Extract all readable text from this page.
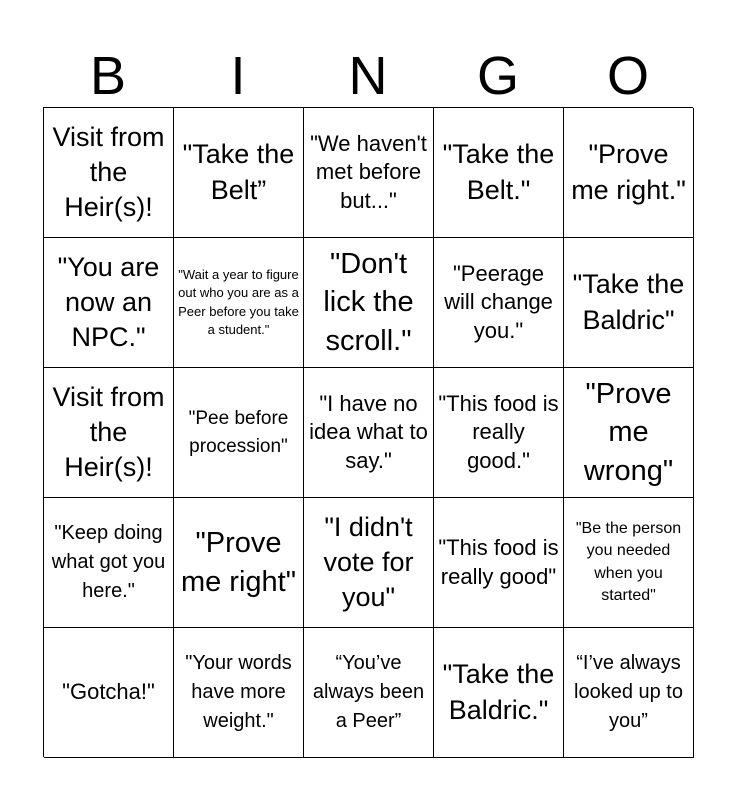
B	I	N	G	O
Visit from the Heir(s)!
"Take the Belt”
"We haven't met before but..."
"Take the Belt."
"Prove me right."
"You are now an NPC."
"Wait a year to figure out who you are as a Peer before you take a student."
"Don't lick the scroll."
"Peerage will change you."
"Take the Baldric"
Visit from the Heir(s)!
"Pee before procession"
"I have no idea what to say."
"This food is really good."
"Prove me wrong"
"Keep doing what got you here."
"Prove me right"
"I didn't vote for you"
"This food is really good"
"Be the person you needed when you started"
"Gotcha!"
"Your words have more weight."
“You’ve always been a Peer”
"Take the Baldric."
“I’ve always looked up to you”
